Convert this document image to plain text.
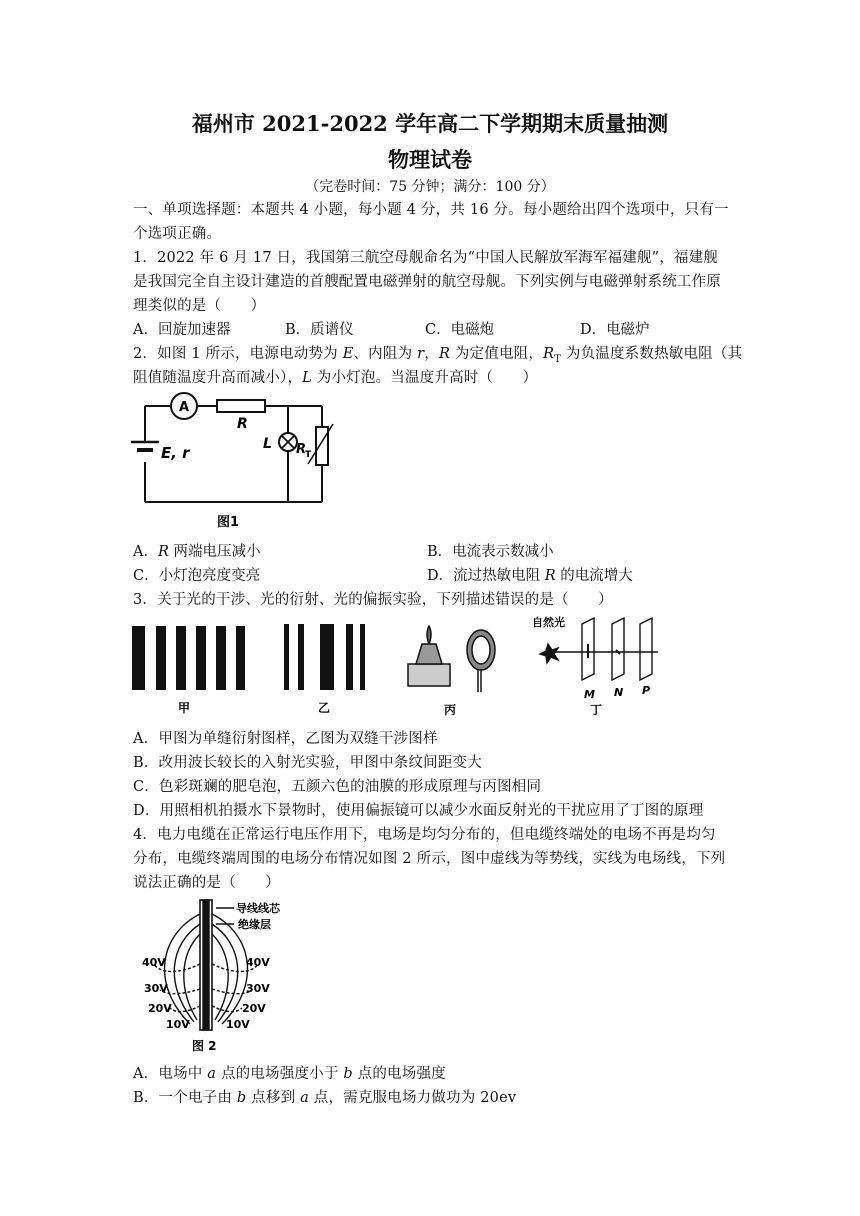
福州市 2021-2022 学年高二下学期期末质量抽测
物理试卷
（完卷时间：75 分钟；满分：100 分）
一、单项选择题：本题共 4 小题，每小题 4 分，共 16 分。每小题给出四个选项中，只有一
个选项正确。
1．2022 年 6 月 17 日，我国第三航空母舰命名为“中国人民解放军海军福建舰”，福建舰
是我国完全自主设计建造的首艘配置电磁弹射的航空母舰。下列实例与电磁弹射系统工作原
理类似的是（　　）
A．回旋加速器	B．质谱仪	C．电磁炮	D．电磁炉
2．如图 1 所示，电源电动势为 E、内阻为 r，R 为定值电阻，$R_T$ 为负温度系数热敏电阻（其
阻值随温度升高而减小），L 为小灯泡。当温度升高时（　　）
A
R
L R
T
E, r
图1
A．R 两端电压减小	B．电流表示数减小
C．小灯泡亮度变亮	D．流过热敏电阻 R 的电流增大
3．关于光的干涉、光的衍射、光的偏振实验，下列描述错误的是（　　）
甲	乙	丙
自然光
M N P
丁
A．甲图为单缝衍射图样，乙图为双缝干涉图样
B．改用波长较长的入射光实验，甲图中条纹间距变大
C．色彩斑斓的肥皂泡，五颜六色的油膜的形成原理与丙图相同
D．用照相机拍摄水下景物时，使用偏振镜可以减少水面反射光的干扰应用了丁图的原理
4．电力电缆在正常运行电压作用下，电场是均匀分布的，但电缆终端处的电场不再是均匀
分布，电缆终端周围的电场分布情况如图 2 所示，图中虚线为等势线，实线为电场线，下列
说法正确的是（　　）
导线线芯
绝缘层
40V	40V
30V	30V
20V	20V
10V	10V
图 2
A．电场中 a 点的电场强度小于 b 点的电场强度
B．一个电子由 b 点移到 a 点，需克服电场力做功为 20ev
